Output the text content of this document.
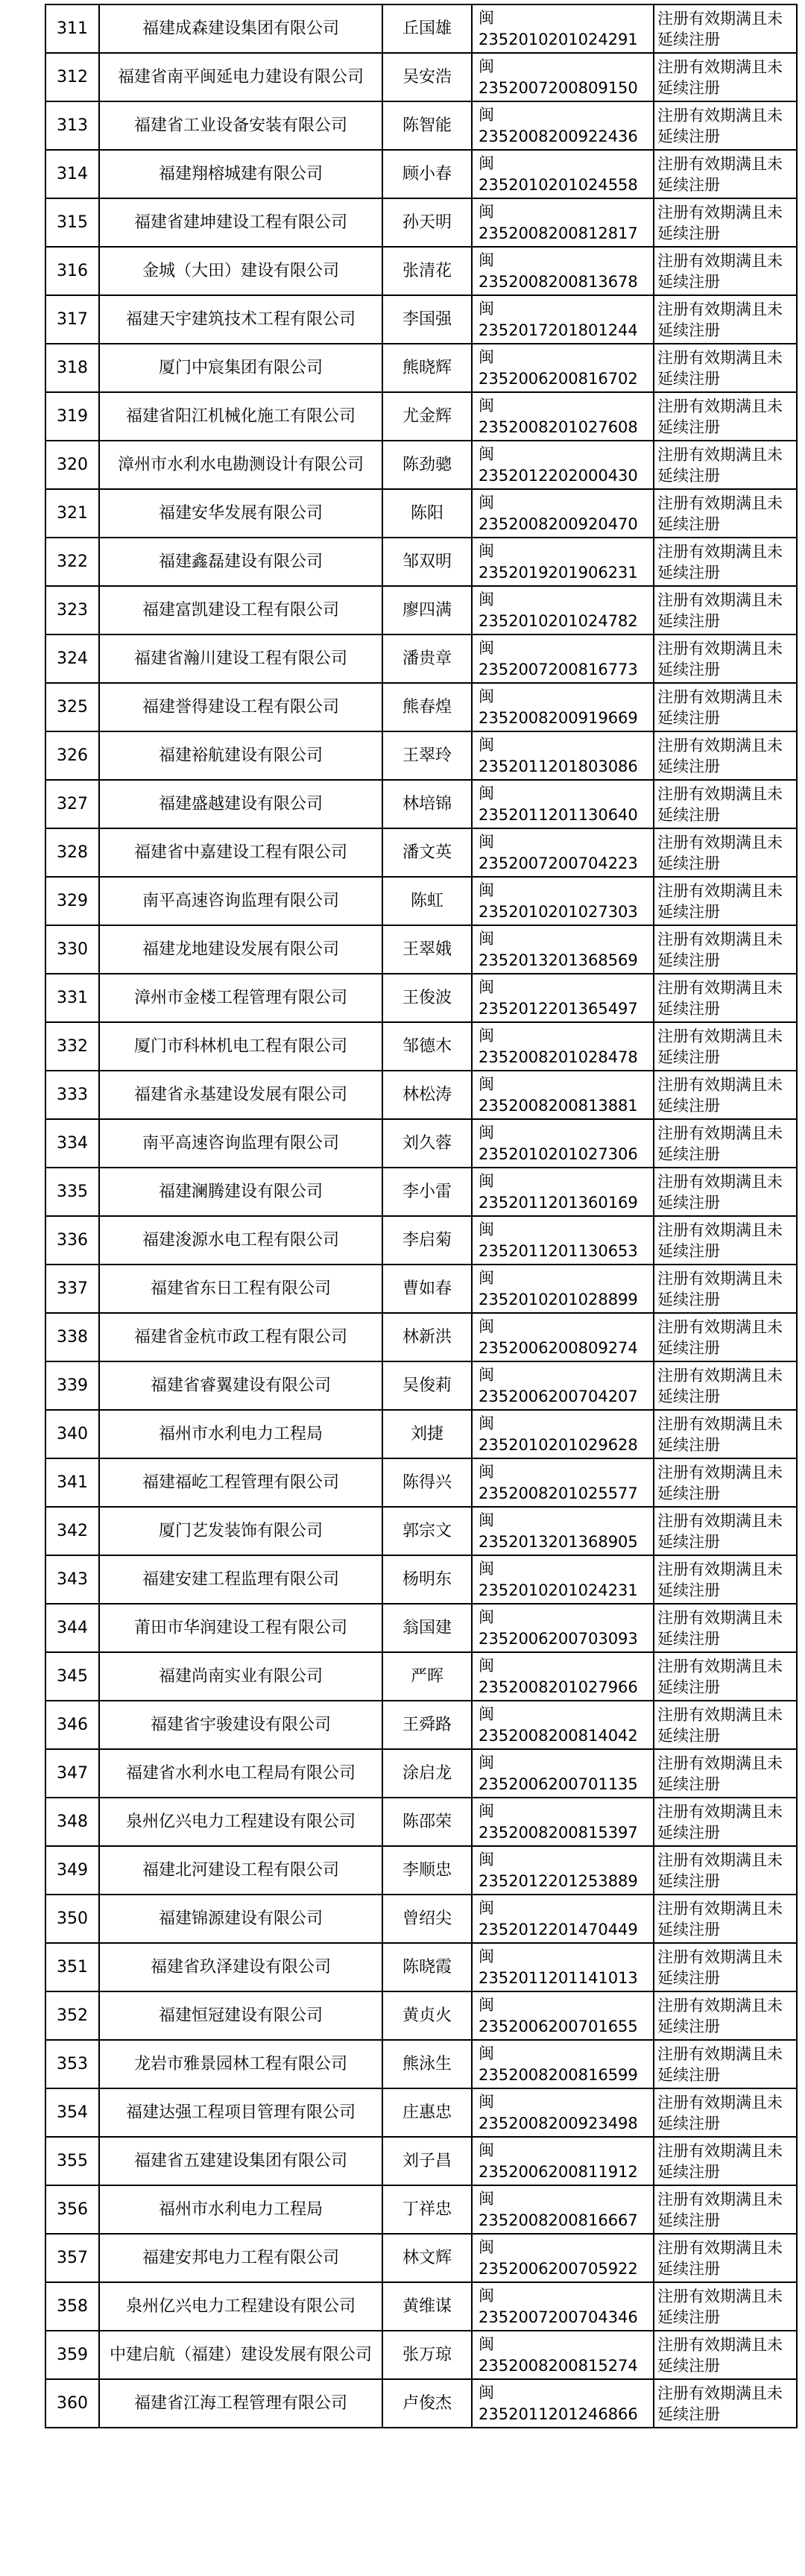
311	福建成森建设集团有限公司	丘国雄	闽2352010201024291	注册有效期满且未延续注册

312	福建省南平闽延电力建设有限公司	吴安浩	闽2352007200809150	注册有效期满且未延续注册

313	福建省工业设备安装有限公司	陈智能	闽2352008200922436	注册有效期满且未延续注册

314	福建翔榕城建有限公司	顾小春	闽2352010201024558	注册有效期满且未延续注册

315	福建省建坤建设工程有限公司	孙天明	闽2352008200812817	注册有效期满且未延续注册

316	金城（大田）建设有限公司	张清花	闽2352008200813678	注册有效期满且未延续注册

317	福建天宇建筑技术工程有限公司	李国强	闽2352017201801244	注册有效期满且未延续注册

318	厦门中宸集团有限公司	熊晓辉	闽2352006200816702	注册有效期满且未延续注册

319	福建省阳江机械化施工有限公司	尤金辉	闽2352008201027608	注册有效期满且未延续注册

320	漳州市水利水电勘测设计有限公司	陈劲骢	闽2352012202000430	注册有效期满且未延续注册

321	福建安华发展有限公司	陈阳	闽2352008200920470	注册有效期满且未延续注册

322	福建鑫磊建设有限公司	邹双明	闽2352019201906231	注册有效期满且未延续注册

323	福建富凯建设工程有限公司	廖四满	闽2352010201024782	注册有效期满且未延续注册

324	福建省瀚川建设工程有限公司	潘贵章	闽2352007200816773	注册有效期满且未延续注册

325	福建誉得建设工程有限公司	熊春煌	闽2352008200919669	注册有效期满且未延续注册

326	福建裕航建设有限公司	王翠玲	闽2352011201803086	注册有效期满且未延续注册

327	福建盛越建设有限公司	林培锦	闽2352011201130640	注册有效期满且未延续注册

328	福建省中嘉建设工程有限公司	潘文英	闽2352007200704223	注册有效期满且未延续注册

329	南平高速咨询监理有限公司	陈虹	闽2352010201027303	注册有效期满且未延续注册

330	福建龙地建设发展有限公司	王翠娥	闽2352013201368569	注册有效期满且未延续注册

331	漳州市金楼工程管理有限公司	王俊波	闽2352012201365497	注册有效期满且未延续注册

332	厦门市科林机电工程有限公司	邹德木	闽2352008201028478	注册有效期满且未延续注册

333	福建省永基建设发展有限公司	林松涛	闽2352008200813881	注册有效期满且未延续注册

334	南平高速咨询监理有限公司	刘久蓉	闽2352010201027306	注册有效期满且未延续注册

335	福建澜腾建设有限公司	李小雷	闽2352011201360169	注册有效期满且未延续注册

336	福建浚源水电工程有限公司	李启菊	闽2352011201130653	注册有效期满且未延续注册

337	福建省东日工程有限公司	曹如春	闽2352010201028899	注册有效期满且未延续注册

338	福建省金杭市政工程有限公司	林新洪	闽2352006200809274	注册有效期满且未延续注册

339	福建省睿翼建设有限公司	吴俊莉	闽2352006200704207	注册有效期满且未延续注册

340	福州市水利电力工程局	刘捷	闽2352010201029628	注册有效期满且未延续注册

341	福建福屹工程管理有限公司	陈得兴	闽2352008201025577	注册有效期满且未延续注册

342	厦门艺发装饰有限公司	郭宗文	闽2352013201368905	注册有效期满且未延续注册

343	福建安建工程监理有限公司	杨明东	闽2352010201024231	注册有效期满且未延续注册

344	莆田市华润建设工程有限公司	翁国建	闽2352006200703093	注册有效期满且未延续注册

345	福建尚南实业有限公司	严晖	闽2352008201027966	注册有效期满且未延续注册

346	福建省宇骏建设有限公司	王舜路	闽2352008200814042	注册有效期满且未延续注册

347	福建省水利水电工程局有限公司	涂启龙	闽2352006200701135	注册有效期满且未延续注册

348	泉州亿兴电力工程建设有限公司	陈邵荣	闽2352008200815397	注册有效期满且未延续注册

349	福建北河建设工程有限公司	李顺忠	闽2352012201253889	注册有效期满且未延续注册

350	福建锦源建设有限公司	曾绍尖	闽2352012201470449	注册有效期满且未延续注册

351	福建省玖泽建设有限公司	陈晓霞	闽2352011201141013	注册有效期满且未延续注册

352	福建恒冠建设有限公司	黄贞火	闽2352006200701655	注册有效期满且未延续注册

353	龙岩市雅景园林工程有限公司	熊泳生	闽2352008200816599	注册有效期满且未延续注册

354	福建达强工程项目管理有限公司	庄惠忠	闽2352008200923498	注册有效期满且未延续注册

355	福建省五建建设集团有限公司	刘子昌	闽2352006200811912	注册有效期满且未延续注册

356	福州市水利电力工程局	丁祥忠	闽2352008200816667	注册有效期满且未延续注册

357	福建安邦电力工程有限公司	林文辉	闽2352006200705922	注册有效期满且未延续注册

358	泉州亿兴电力工程建设有限公司	黄维谋	闽2352007200704346	注册有效期满且未延续注册

359	中建启航（福建）建设发展有限公司	张万琼	闽2352008200815274	注册有效期满且未延续注册

360	福建省江海工程管理有限公司	卢俊杰	闽2352011201246866	注册有效期满且未延续注册
